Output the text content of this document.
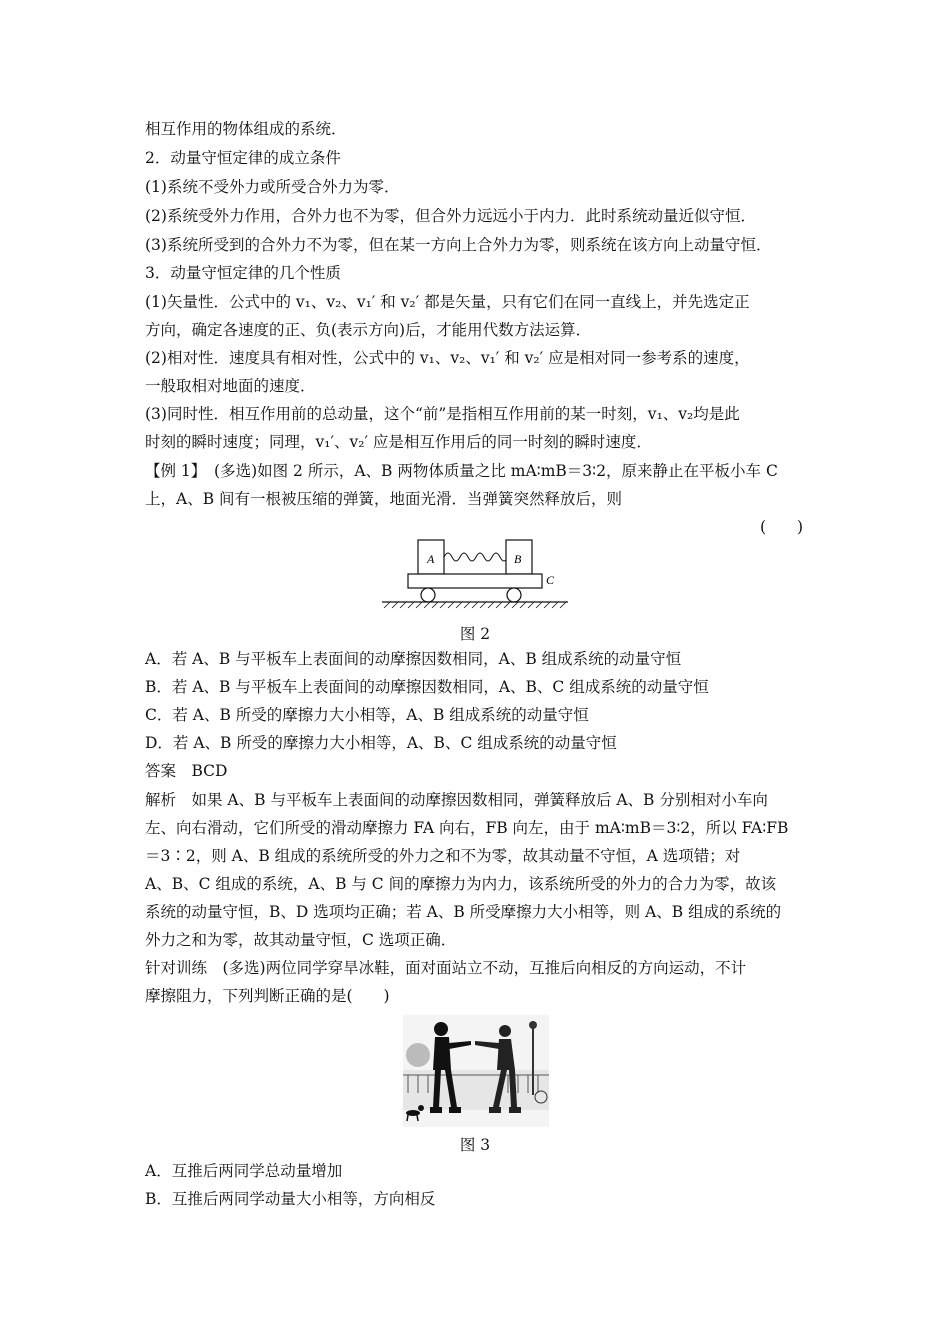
相互作用的物体组成的系统．
2．动量守恒定律的成立条件
(1)系统不受外力或所受合外力为零．
(2)系统受外力作用，合外力也不为零，但合外力远远小于内力．此时系统动量近似守恒．
(3)系统所受到的合外力不为零，但在某一方向上合外力为零，则系统在该方向上动量守恒．
3．动量守恒定律的几个性质
(1)矢量性．公式中的 v₁、v₂、v₁′ 和 v₂′ 都是矢量，只有它们在同一直线上，并先选定正
方向，确定各速度的正、负(表示方向)后，才能用代数方法运算．
(2)相对性．速度具有相对性，公式中的 v₁、v₂、v₁′ 和 v₂′ 应是相对同一参考系的速度，
一般取相对地面的速度．
(3)同时性．相互作用前的总动量，这个“前”是指相互作用前的某一时刻，v₁、v₂均是此
时刻的瞬时速度；同理，v₁′、v₂′ 应是相互作用后的同一时刻的瞬时速度．
【例 1】　(多选)如图 2 所示，A、B 两物体质量之比 mA∶mB＝3∶2，原来静止在平板小车 C
上，A、B 间有一根被压缩的弹簧，地面光滑．当弹簧突然释放后，则
(　　)
A	B
C
图 2
A．若 A、B 与平板车上表面间的动摩擦因数相同，A、B 组成系统的动量守恒
B．若 A、B 与平板车上表面间的动摩擦因数相同，A、B、C 组成系统的动量守恒
C．若 A、B 所受的摩擦力大小相等，A、B 组成系统的动量守恒
D．若 A、B 所受的摩擦力大小相等，A、B、C 组成系统的动量守恒
答案　BCD
解析　如果 A、B 与平板车上表面间的动摩擦因数相同，弹簧释放后 A、B 分别相对小车向
左、向右滑动，它们所受的滑动摩擦力 FA 向右，FB 向左，由于 mA∶mB＝3∶2，所以 FA∶FB
＝3∶2，则 A、B 组成的系统所受的外力之和不为零，故其动量不守恒，A 选项错；对
A、B、C 组成的系统，A、B 与 C 间的摩擦力为内力，该系统所受的外力的合力为零，故该
系统的动量守恒，B、D 选项均正确；若 A、B 所受摩擦力大小相等，则 A、B 组成的系统的
外力之和为零，故其动量守恒，C 选项正确．
针对训练　(多选)两位同学穿旱冰鞋，面对面站立不动，互推后向相反的方向运动，不计
摩擦阻力，下列判断正确的是(　　)
图 3
A．互推后两同学总动量增加
B．互推后两同学动量大小相等，方向相反
